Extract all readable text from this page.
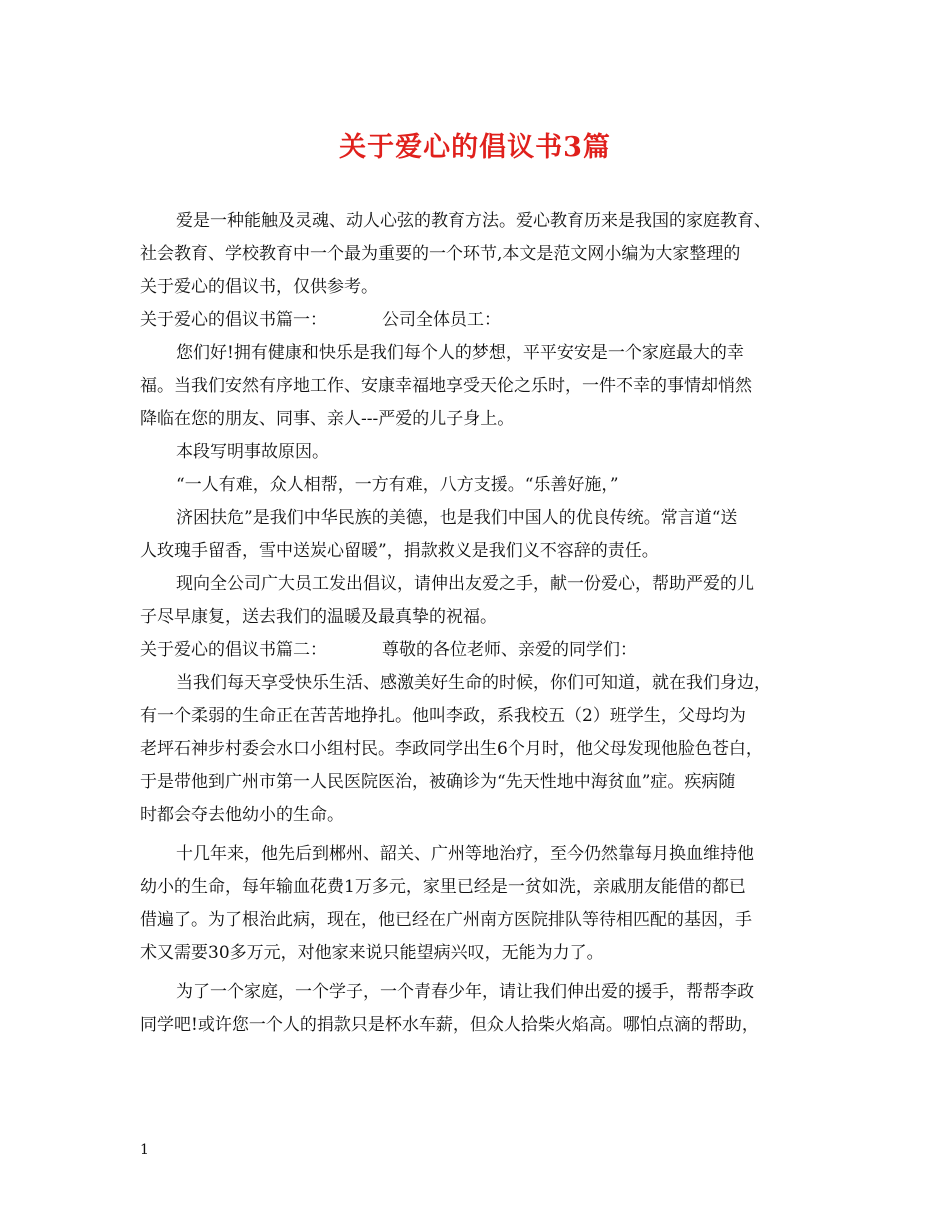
关于爱心的倡议书3篇
爱是一种能触及灵魂、动人心弦的教育方法。爱心教育历来是我国的家庭教育、
社会教育、学校教育中一个最为重要的一个环节,本文是范文网小编为大家整理的
关于爱心的倡议书，仅供参考。
关于爱心的倡议书篇一：	公司全体员工：
您们好!拥有健康和快乐是我们每个人的梦想，平平安安是一个家庭最大的幸
福。当我们安然有序地工作、安康幸福地享受天伦之乐时，一件不幸的事情却悄然
降临在您的朋友、同事、亲人---严爱的儿子身上。
本段写明事故原因。
“一人有难，众人相帮，一方有难，八方支援。“乐善好施，”
济困扶危”是我们中华民族的美德，也是我们中国人的优良传统。常言道“送
人玫瑰手留香，雪中送炭心留暖”，捐款救义是我们义不容辞的责任。
现向全公司广大员工发出倡议，请伸出友爱之手，献一份爱心，帮助严爱的儿
子尽早康复，送去我们的温暖及最真挚的祝福。
关于爱心的倡议书篇二：	尊敬的各位老师、亲爱的同学们：
当我们每天享受快乐生活、感激美好生命的时候，你们可知道，就在我们身边，
有一个柔弱的生命正在苦苦地挣扎。他叫李政，系我校五（2）班学生，父母均为
老坪石神步村委会水口小组村民。李政同学出生6个月时，他父母发现他脸色苍白，
于是带他到广州市第一人民医院医治，被确诊为“先天性地中海贫血”症。疾病随
时都会夺去他幼小的生命。
十几年来，他先后到郴州、韶关、广州等地治疗，至今仍然靠每月换血维持他
幼小的生命，每年输血花费1万多元，家里已经是一贫如洗，亲戚朋友能借的都已
借遍了。为了根治此病，现在，他已经在广州南方医院排队等待相匹配的基因，手
术又需要30多万元，对他家来说只能望病兴叹，无能为力了。
为了一个家庭，一个学子，一个青春少年，请让我们伸出爱的援手，帮帮李政
同学吧!或许您一个人的捐款只是杯水车薪，但众人拾柴火焰高。哪怕点滴的帮助，
1
